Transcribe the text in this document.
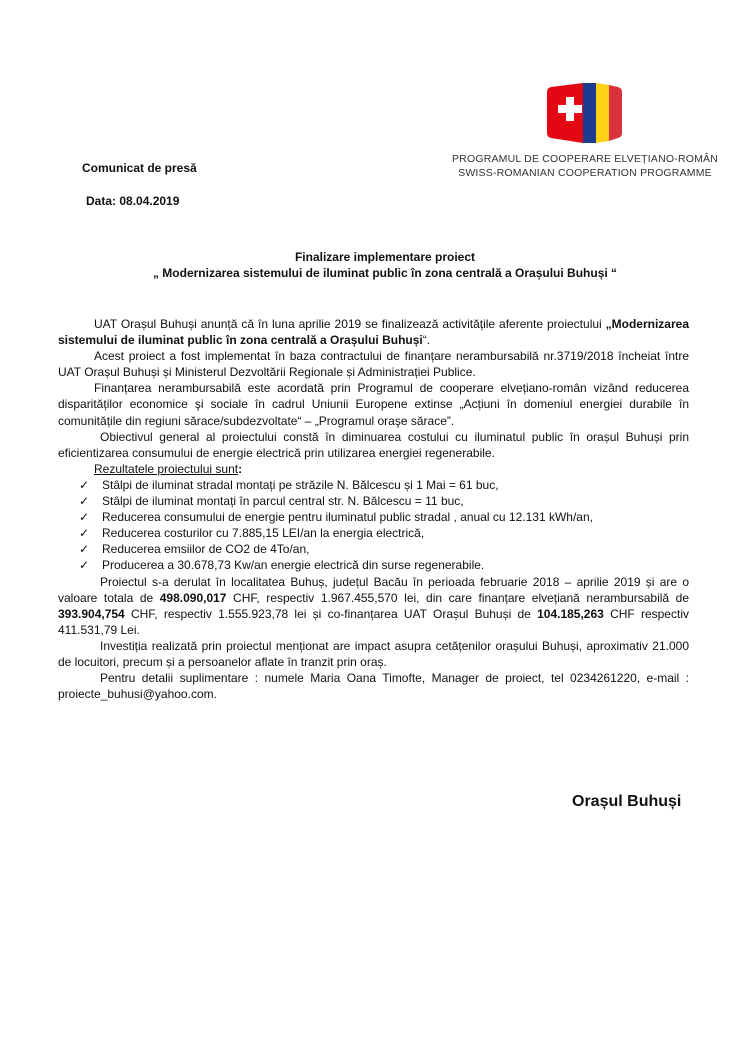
PROGRAMUL DE COOPERARE ELVEȚIANO-ROMÂN
SWISS-ROMANIAN COOPERATION PROGRAMME
Comunicat de presă
Data: 08.04.2019
Finalizare implementare proiect
„ Modernizarea sistemului de iluminat public în zona centrală a Orașului Buhuși “

UAT Orașul Buhuși anunță că în luna aprilie 2019 se finalizează activitățile aferente proiectului „Modernizarea sistemului de iluminat public în zona centrală a Orașului Buhuși“.

Acest proiect a fost implementat în baza contractului de finanțare nerambursabilă nr.3719/2018 încheiat între UAT Orașul Buhuși și Ministerul Dezvoltării Regionale și Administrației Publice.

Finanțarea nerambursabilă este acordată prin Programul de cooperare elvețiano-român vizând reducerea disparităților economice şi sociale în cadrul Uniunii Europene extinse „Acțiuni în domeniul energiei durabile în comunitățile din regiuni sărace/subdezvoltate“ – „Programul oraşe sărace”.

Obiectivul general al proiectului constă în diminuarea costului cu iluminatul public în orașul Buhuși prin eficientizarea consumului de energie electrică prin utilizarea energiei regenerabile.

Rezultatele proiectului sunt:

✓ Stâlpi de iluminat stradal montați pe străzile N. Bălcescu și 1 Mai = 61 buc,
✓ Stâlpi de iluminat montați în parcul central str. N. Bălcescu = 11 buc,
✓ Reducerea consumului de energie pentru iluminatul public stradal , anual cu 12.131 kWh/an,
✓ Reducerea costurilor cu 7.885,15 LEI/an la energia electrică,
✓ Reducerea emsiilor de CO2 de 4To/an,
✓ Producerea a 30.678,73 Kw/an energie electrică din surse regenerabile.

Proiectul s-a derulat în localitatea Buhuș, județul Bacău în perioada februarie 2018 – aprilie 2019 și are o valoare totala de 498.090,017 CHF, respectiv 1.967.455,570 lei, din care finanțare elvețiană nerambursabilă de 393.904,754 CHF, respectiv 1.555.923,78 lei și co-finanțarea UAT Orașul Buhuși de 104.185,263 CHF respectiv 411.531,79 Lei.

Investiția realizată prin proiectul menționat are impact asupra cetățenilor orașului Buhuși, aproximativ 21.000 de locuitori, precum și a persoanelor aflate în tranzit prin oraș.

Pentru detalii suplimentare : numele Maria Oana Timofte, Manager de proiect, tel 0234261220, e-mail : proiecte_buhusi@yahoo.com.

Orașul Buhuși
